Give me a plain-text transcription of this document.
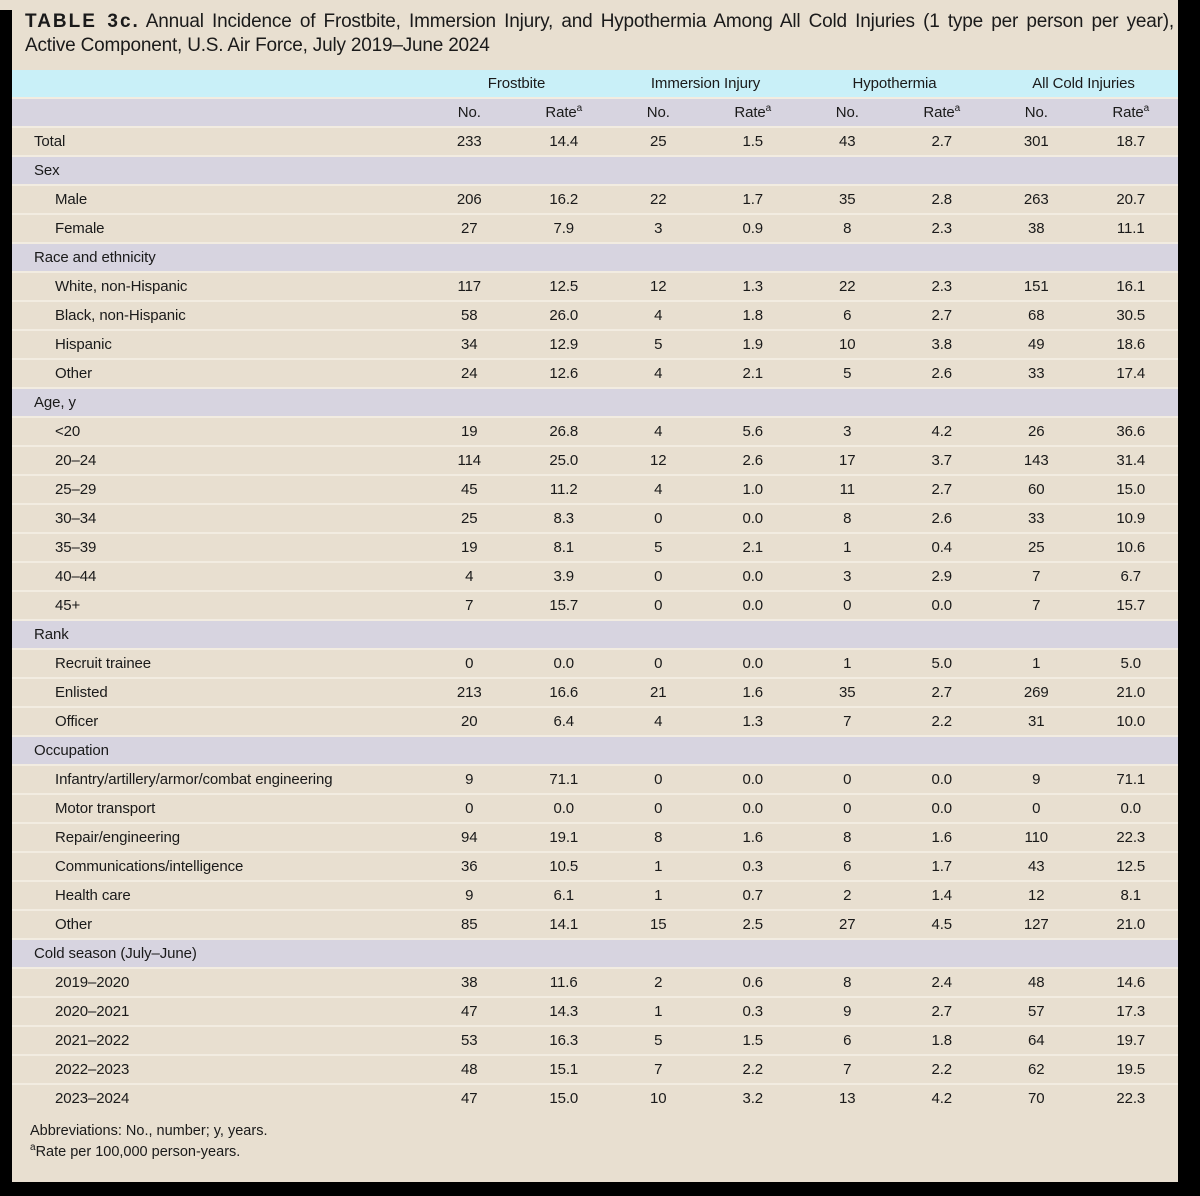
TABLE 3c. Annual Incidence of Frostbite, Immersion Injury, and Hypothermia Among All Cold Injuries (1 type per person per year),
Active Component, U.S. Air Force, July 2019–June 2024
	Frostbite		Immersion Injury		Hypothermia		All Cold Injuries	
	No.	Rate$^a$	No.	Rate$^a$	No.	Rate$^a$	No.	Rate$^a$
Total	233	14.4	25	1.5	43	2.7	301	18.7
Sex								
Male	206	16.2	22	1.7	35	2.8	263	20.7
Female	27	7.9	3	0.9	8	2.3	38	11.1
Race and ethnicity								
White, non-Hispanic	117	12.5	12	1.3	22	2.3	151	16.1
Black, non-Hispanic	58	26.0	4	1.8	6	2.7	68	30.5
Hispanic	34	12.9	5	1.9	10	3.8	49	18.6
Other	24	12.6	4	2.1	5	2.6	33	17.4
Age, y								
<20	19	26.8	4	5.6	3	4.2	26	36.6
20–24	114	25.0	12	2.6	17	3.7	143	31.4
25–29	45	11.2	4	1.0	11	2.7	60	15.0
30–34	25	8.3	0	0.0	8	2.6	33	10.9
35–39	19	8.1	5	2.1	1	0.4	25	10.6
40–44	4	3.9	0	0.0	3	2.9	7	6.7
45+	7	15.7	0	0.0	0	0.0	7	15.7
Rank								
Recruit trainee	0	0.0	0	0.0	1	5.0	1	5.0
Enlisted	213	16.6	21	1.6	35	2.7	269	21.0
Officer	20	6.4	4	1.3	7	2.2	31	10.0
Occupation								
Infantry/artillery/armor/combat engineering	9	71.1	0	0.0	0	0.0	9	71.1
Motor transport	0	0.0	0	0.0	0	0.0	0	0.0
Repair/engineering	94	19.1	8	1.6	8	1.6	110	22.3
Communications/intelligence	36	10.5	1	0.3	6	1.7	43	12.5
Health care	9	6.1	1	0.7	2	1.4	12	8.1
Other	85	14.1	15	2.5	27	4.5	127	21.0
Cold season (July–June)								
2019–2020	38	11.6	2	0.6	8	2.4	48	14.6
2020–2021	47	14.3	1	0.3	9	2.7	57	17.3
2021–2022	53	16.3	5	1.5	6	1.8	64	19.7
2022–2023	48	15.1	7	2.2	7	2.2	62	19.5
2023–2024	47	15.0	10	3.2	13	4.2	70	22.3
Abbreviations: No., number; y, years.
$^a$Rate per 100,000 person-years.
